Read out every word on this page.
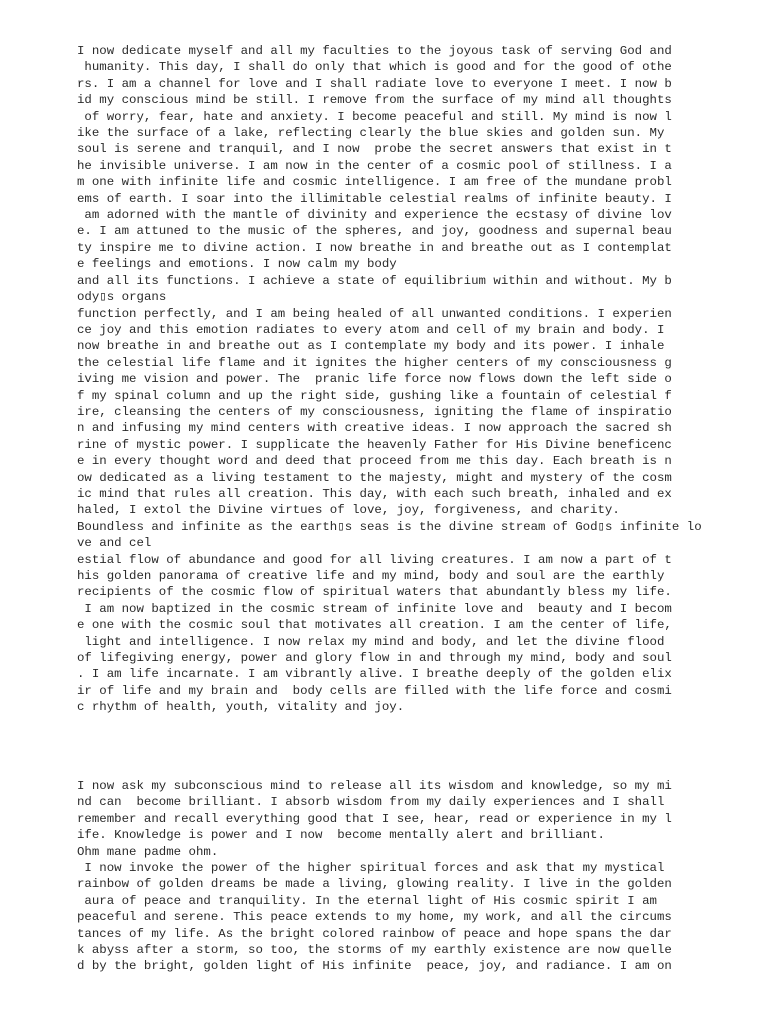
I now dedicate myself and all my faculties to the joyous task of serving God and
humanity. This day, I shall do only that which is good and for the good of othe
rs. I am a channel for love and I shall radiate love to everyone I meet. I now b
id my conscious mind be still. I remove from the surface of my mind all thoughts
of worry, fear, hate and anxiety. I become peaceful and still. My mind is now l
ike the surface of a lake, reflecting clearly the blue skies and golden sun. My
soul is serene and tranquil, and I now  probe the secret answers that exist in t
he invisible universe. I am now in the center of a cosmic pool of stillness. I a
m one with infinite life and cosmic intelligence. I am free of the mundane probl
ems of earth. I soar into the illimitable celestial realms of infinite beauty. I
am adorned with the mantle of divinity and experience the ecstasy of divine lov
e. I am attuned to the music of the spheres, and joy, goodness and supernal beau
ty inspire me to divine action. I now breathe in and breathe out as I contemplat
e feelings and emotions. I now calm my body
and all its functions. I achieve a state of equilibrium within and without. My b
ody▯s organs
function perfectly, and I am being healed of all unwanted conditions. I experien
ce joy and this emotion radiates to every atom and cell of my brain and body. I
now breathe in and breathe out as I contemplate my body and its power. I inhale
the celestial life flame and it ignites the higher centers of my consciousness g
iving me vision and power. The  pranic life force now flows down the left side o
f my spinal column and up the right side, gushing like a fountain of celestial f
ire, cleansing the centers of my consciousness, igniting the flame of inspiratio
n and infusing my mind centers with creative ideas. I now approach the sacred sh
rine of mystic power. I supplicate the heavenly Father for His Divine beneficenc
e in every thought word and deed that proceed from me this day. Each breath is n
ow dedicated as a living testament to the majesty, might and mystery of the cosm
ic mind that rules all creation. This day, with each such breath, inhaled and ex
haled, I extol the Divine virtues of love, joy, forgiveness, and charity.
Boundless and infinite as the earth▯s seas is the divine stream of God▯s infinite lo
ve and cel
estial flow of abundance and good for all living creatures. I am now a part of t
his golden panorama of creative life and my mind, body and soul are the earthly
recipients of the cosmic flow of spiritual waters that abundantly bless my life.
I am now baptized in the cosmic stream of infinite love and  beauty and I becom
e one with the cosmic soul that motivates all creation. I am the center of life,
light and intelligence. I now relax my mind and body, and let the divine flood
of lifegiving energy, power and glory flow in and through my mind, body and soul
. I am life incarnate. I am vibrantly alive. I breathe deeply of the golden elix
ir of life and my brain and  body cells are filled with the life force and cosmi
c rhythm of health, youth, vitality and joy.
I now ask my subconscious mind to release all its wisdom and knowledge, so my mi
nd can  become brilliant. I absorb wisdom from my daily experiences and I shall
remember and recall everything good that I see, hear, read or experience in my l
ife. Knowledge is power and I now  become mentally alert and brilliant.
Ohm mane padme ohm.
I now invoke the power of the higher spiritual forces and ask that my mystical
rainbow of golden dreams be made a living, glowing reality. I live in the golden
aura of peace and tranquility. In the eternal light of His cosmic spirit I am
peaceful and serene. This peace extends to my home, my work, and all the circums
tances of my life. As the bright colored rainbow of peace and hope spans the dar
k abyss after a storm, so too, the storms of my earthly existence are now quelle
d by the bright, golden light of His infinite  peace, joy, and radiance. I am on
